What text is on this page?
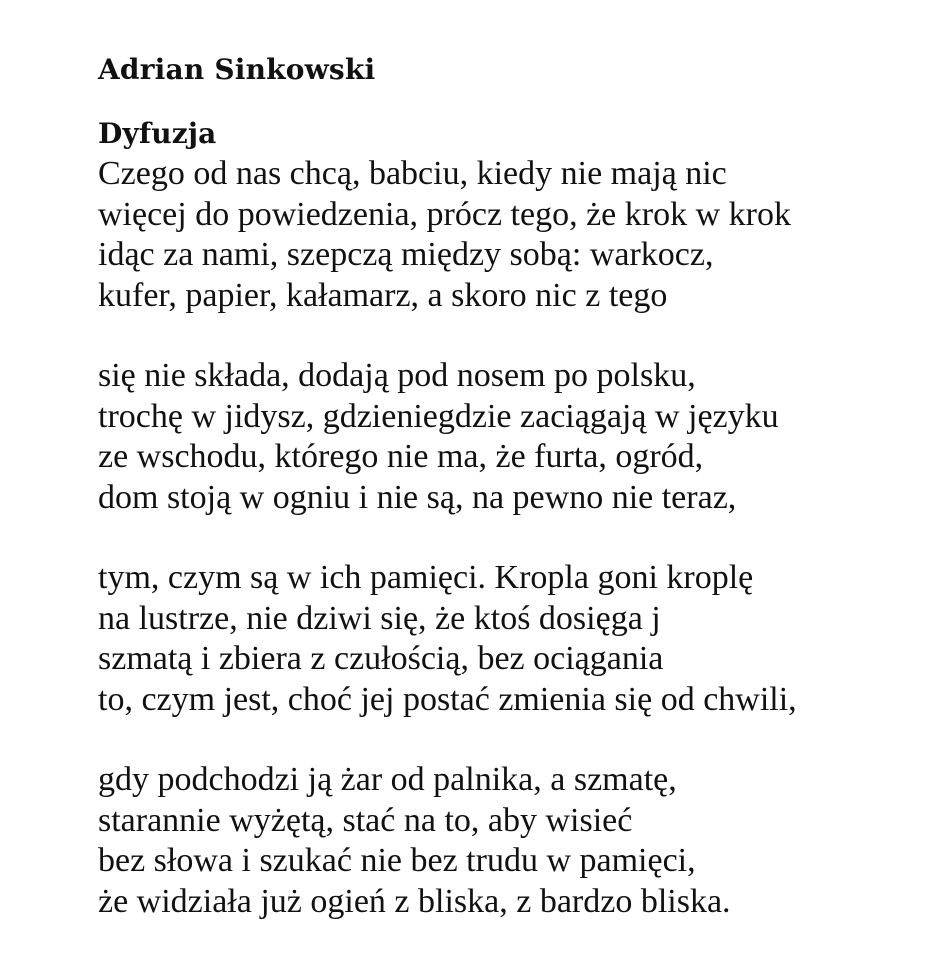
Adrian Sinkowski
Dyfuzja
Czego od nas chcą, babciu, kiedy nie mają nic
więcej do powiedzenia, prócz tego, że krok w krok
idąc za nami, szepczą między sobą: warkocz,
kufer, papier, kałamarz, a skoro nic z tego
się nie składa, dodają pod nosem po polsku,
trochę w jidysz, gdzieniegdzie zaciągają w języku
ze wschodu, którego nie ma, że furta, ogród,
dom stoją w ogniu i nie są, na pewno nie teraz,
tym, czym są w ich pamięci. Kropla goni kroplę
na lustrze, nie dziwi się, że ktoś dosięga j
szmatą i zbiera z czułością, bez ociągania
to, czym jest, choć jej postać zmienia się od chwili,
gdy podchodzi ją żar od palnika, a szmatę,
starannie wyżętą, stać na to, aby wisieć
bez słowa i szukać nie bez trudu w pamięci,
że widziała już ogień z bliska, z bardzo bliska.
